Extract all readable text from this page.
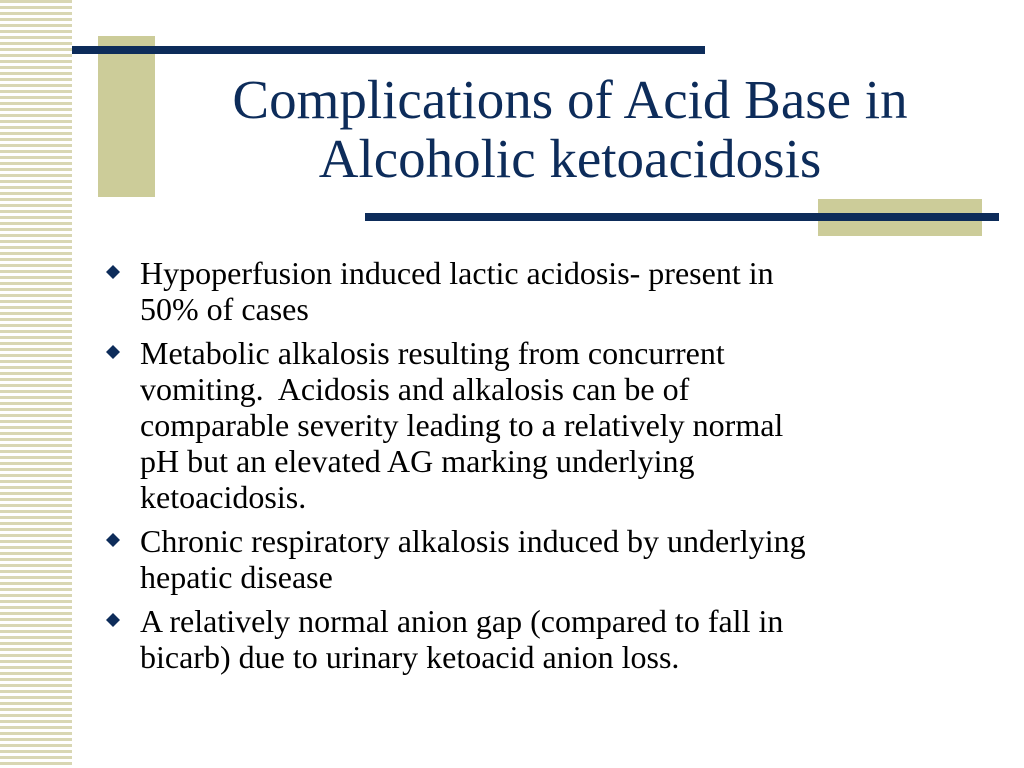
Complications of Acid Base in
Alcoholic ketoacidosis
Hypoperfusion induced lactic acidosis- present in
50% of cases
Metabolic alkalosis resulting from concurrent
vomiting.  Acidosis and alkalosis can be of
comparable severity leading to a relatively normal
pH but an elevated AG marking underlying
ketoacidosis.
Chronic respiratory alkalosis induced by underlying
hepatic disease
A relatively normal anion gap (compared to fall in
bicarb) due to urinary ketoacid anion loss.
